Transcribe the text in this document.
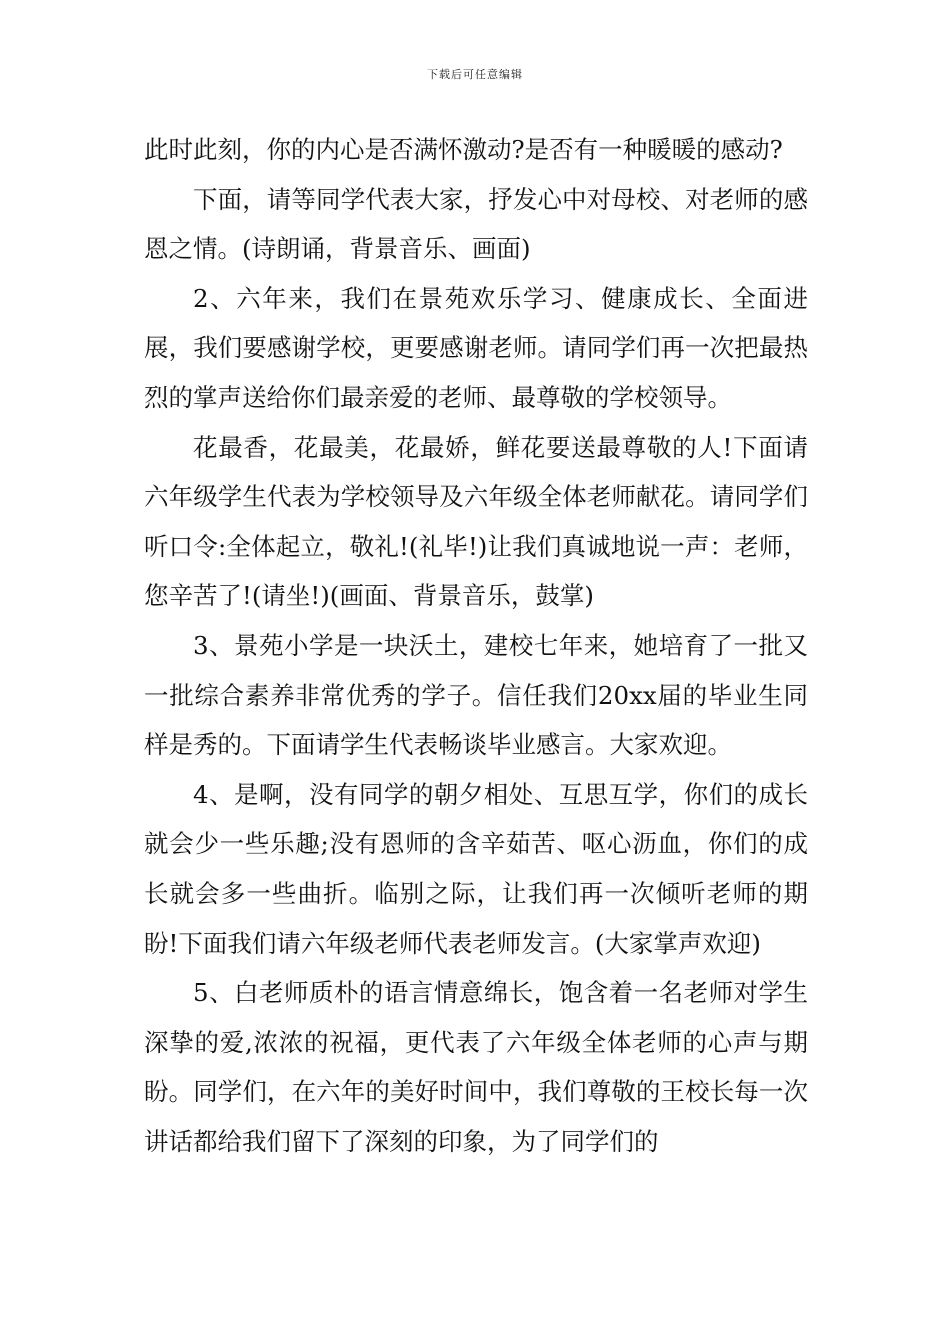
下载后可任意编辑

此时此刻，你的内心是否满怀激动?是否有一种暖暖的感动?

下面，请等同学代表大家，抒发心中对母校、对老师的感恩之情。(诗朗诵，背景音乐、画面)

2、六年来，我们在景苑欢乐学习、健康成长、全面进展，我们要感谢学校，更要感谢老师。请同学们再一次把最热烈的掌声送给你们最亲爱的老师、最尊敬的学校领导。

花最香，花最美，花最娇，鲜花要送最尊敬的人!下面请六年级学生代表为学校领导及六年级全体老师献花。请同学们听口令:全体起立，敬礼!(礼毕!)让我们真诚地说一声：老师，您辛苦了!(请坐!)(画面、背景音乐，鼓掌)

3、景苑小学是一块沃土，建校七年来，她培育了一批又一批综合素养非常优秀的学子。信任我们20xx届的毕业生同样是秀的。下面请学生代表畅谈毕业感言。大家欢迎。

4、是啊，没有同学的朝夕相处、互思互学，你们的成长就会少一些乐趣;没有恩师的含辛茹苦、呕心沥血，你们的成长就会多一些曲折。临别之际，让我们再一次倾听老师的期盼!下面我们请六年级老师代表老师发言。(大家掌声欢迎)

5、白老师质朴的语言情意绵长，饱含着一名老师对学生深挚的爱,浓浓的祝福，更代表了六年级全体老师的心声与期盼。同学们，在六年的美好时间中，我们尊敬的王校长每一次讲话都给我们留下了深刻的印象，为了同学们的
